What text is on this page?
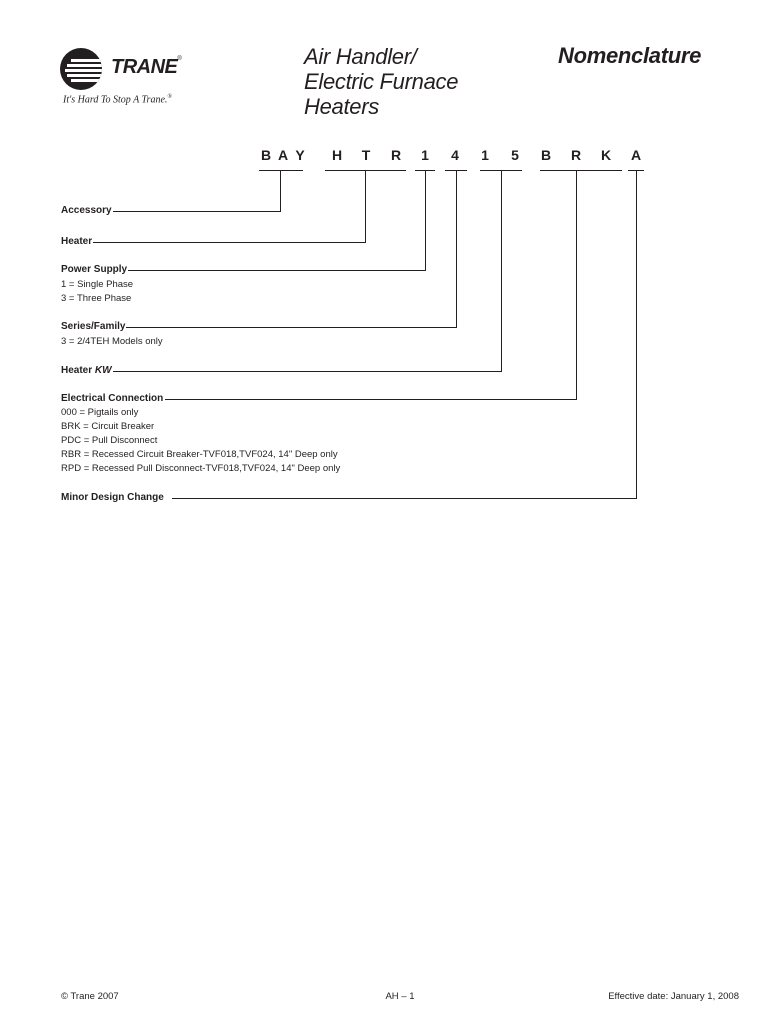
TRANE®
It's Hard To Stop A Trane.®
Air Handler/
Electric Furnace
Heaters
Nomenclature
B A Y	H	T	R	1	4	1	5	B	R	K	A
Accessory
Heater
Power Supply
1 = Single Phase
3 = Three Phase
Series/Family
3 = 2/4TEH Models only
Heater KW
Electrical Connection
000 = Pigtails only
BRK = Circuit Breaker
PDC = Pull Disconnect
RBR = Recessed Circuit Breaker-TVF018,TVF024, 14" Deep only
RPD = Recessed Pull Disconnect-TVF018,TVF024, 14" Deep only
Minor Design Change
© Trane 2007	AH – 1	Effective date: January 1, 2008
